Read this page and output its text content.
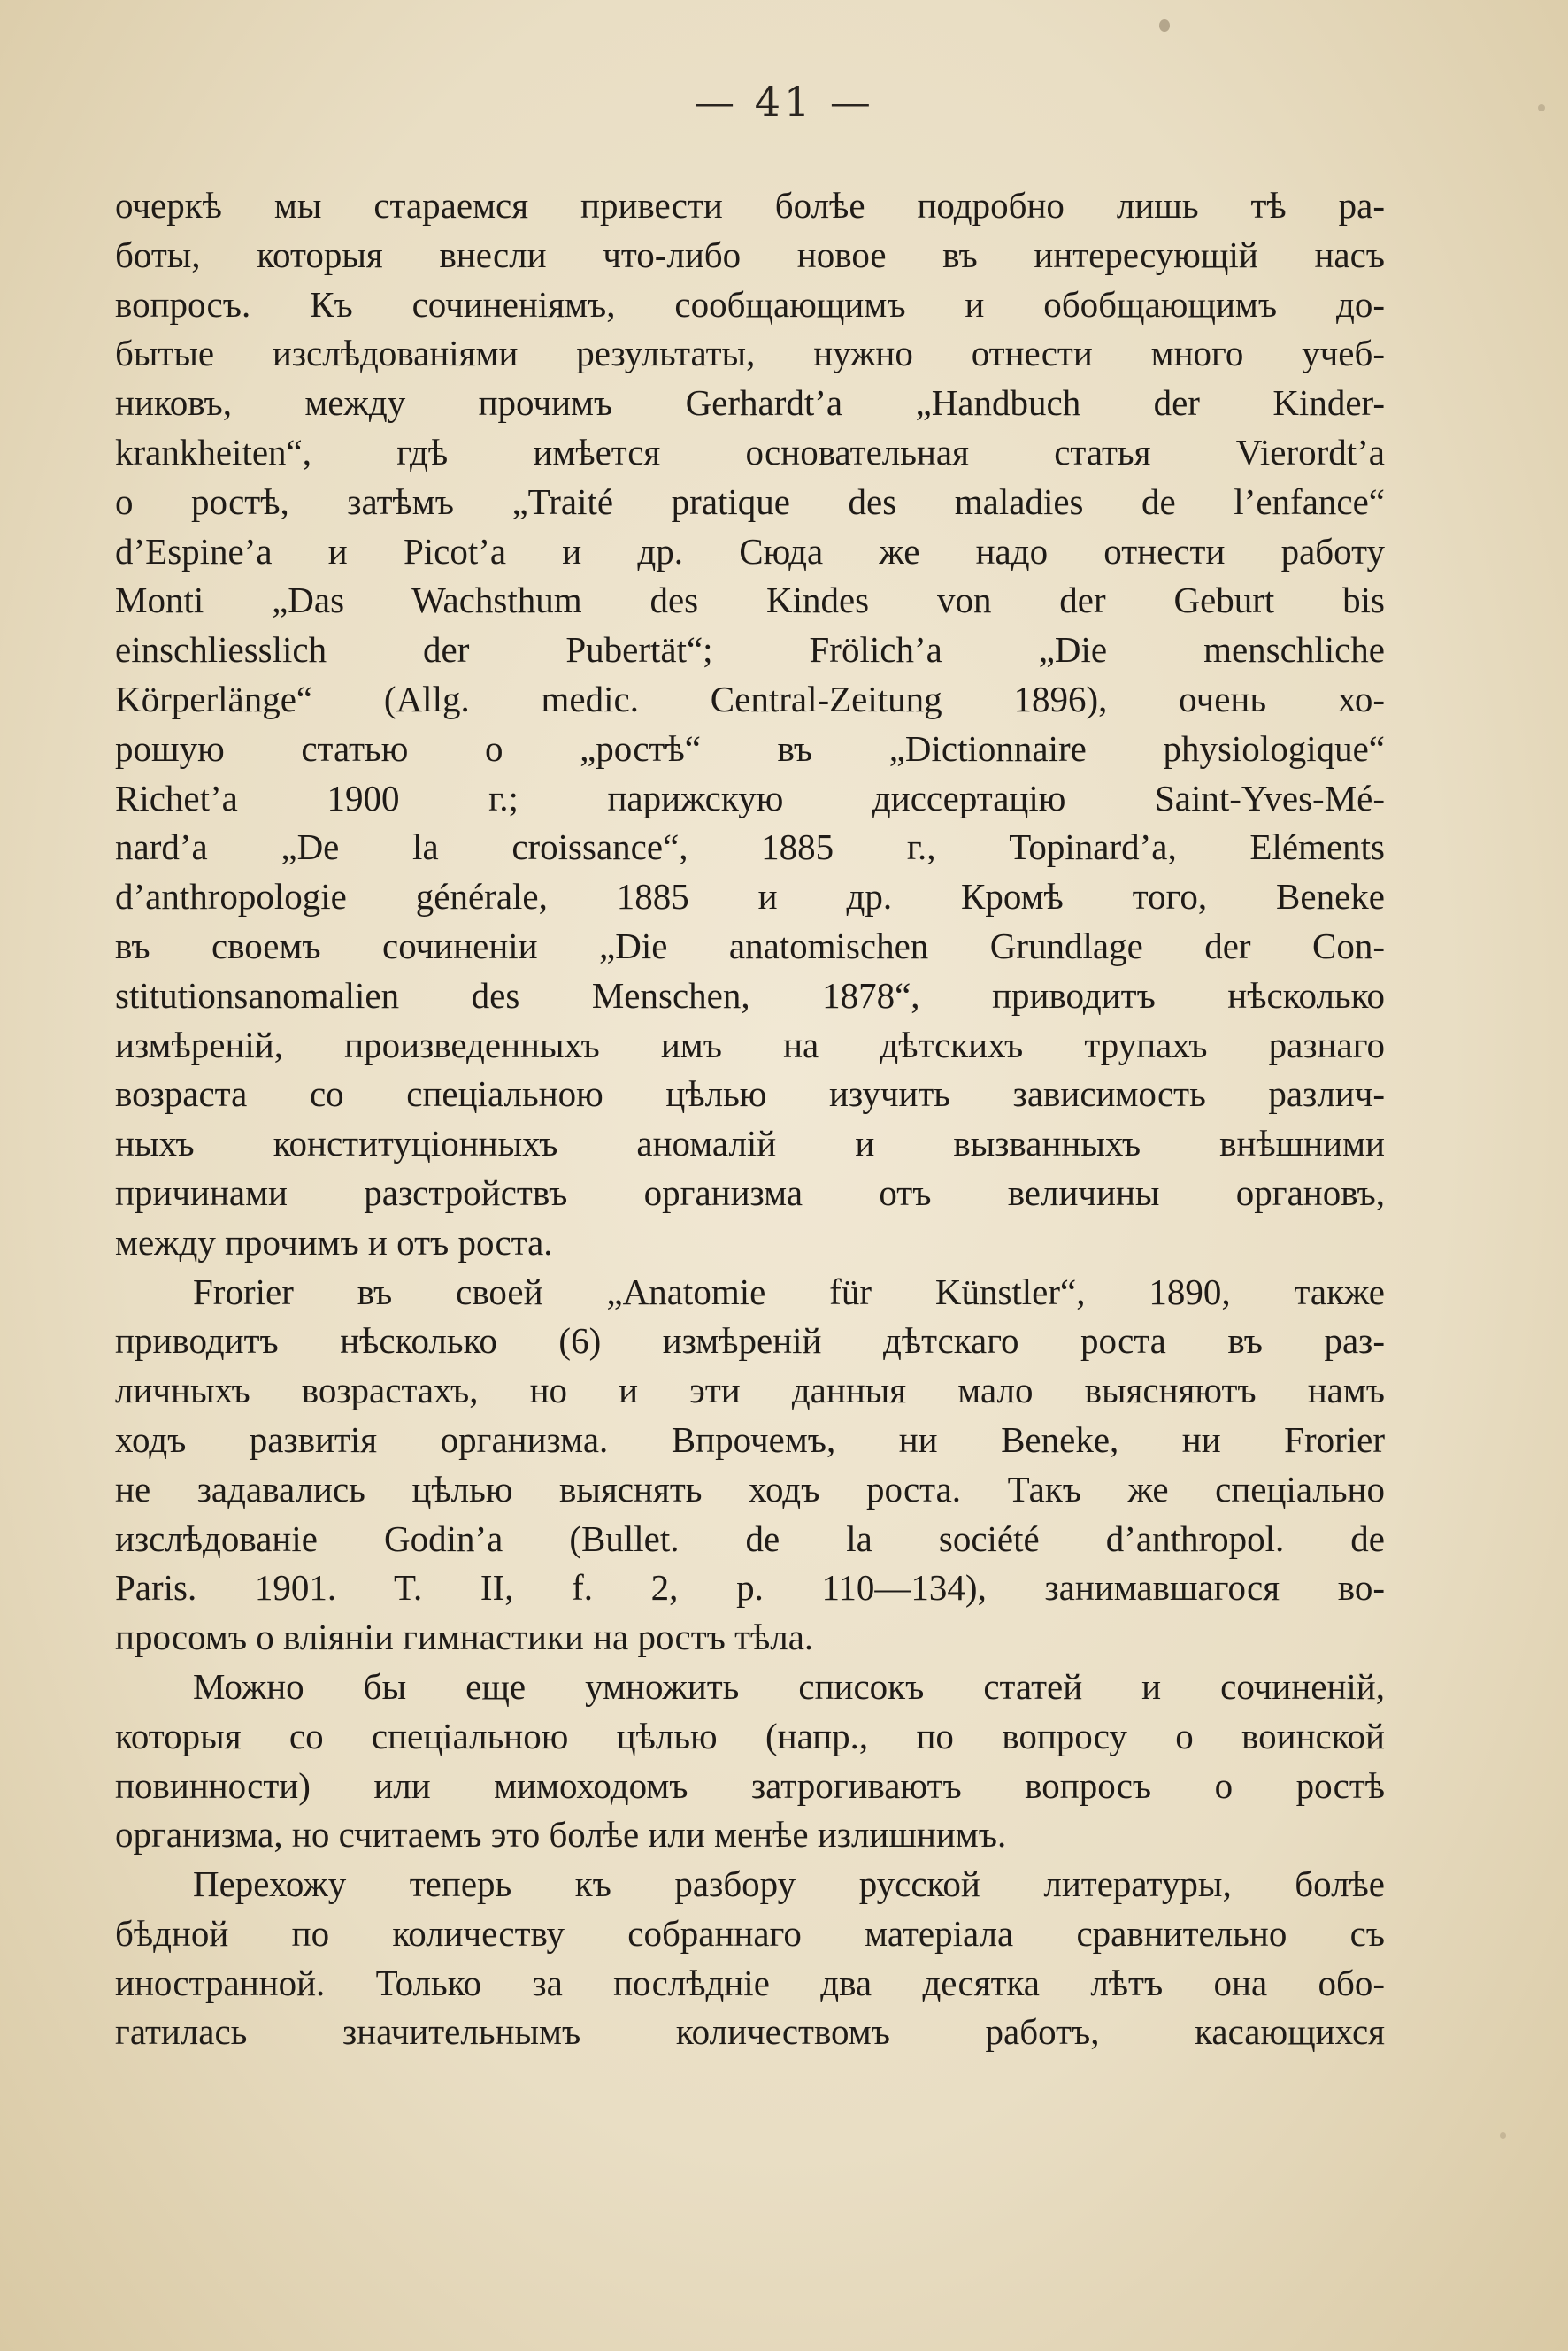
— 41 —
очеркѣ мы стараемся привести болѣе подробно лишь тѣ ра-
боты, которыя внесли что-либо новое въ интересующій насъ
вопросъ. Къ сочиненіямъ, сообщающимъ и обобщающимъ до-
бытые изслѣдованіями результаты, нужно отнести много учеб-
никовъ, между прочимъ Gerhardt’a „Handbuch der Kinder-
krankheiten“, гдѣ имѣется основательная статья Vierordt’a
о ростѣ, затѣмъ „Traité pratique des maladies de l’enfance“
d’Espine’a и Picot’a и др. Сюда же надо отнести работу
Monti „Das Wachsthum des Kindes von der Geburt bis
einschliesslich der Pubertät“; Frölich’a „Die menschliche
Körperlänge“ (Allg. medic. Central-Zeitung 1896), очень хо-
рошую статью о „ростѣ“ въ „Dictionnaire physiologique“
Richet’a 1900 г.; парижскую диссертацію Saint-Yves-Mé-
nard’a „De la croissance“, 1885 г., Topinard’a, Eléments
d’anthropologie générale, 1885 и др. Кромѣ того, Beneke
въ своемъ сочиненіи „Die anatomischen Grundlage der Con-
stitutionsanomalien des Menschen, 1878“, приводитъ нѣсколько
измѣреній, произведенныхъ имъ на дѣтскихъ трупахъ разнаго
возраста со спеціальною цѣлью изучить зависимость различ-
ныхъ конституціонныхъ аномалій и вызванныхъ внѣшними
причинами разстройствъ организма отъ величины органовъ,
между прочимъ и отъ роста.
Frorier въ своей „Anatomie für Künstler“, 1890, также
приводитъ нѣсколько (6) измѣреній дѣтскаго роста въ раз-
личныхъ возрастахъ, но и эти данныя мало выясняютъ намъ
ходъ развитія организма. Впрочемъ, ни Beneke, ни Frorier
не задавались цѣлью выяснять ходъ роста. Такъ же спеціально
изслѣдованіе Godin’a (Bullet. de la société d’anthropol. de
Paris. 1901. T. II, f. 2, p. 110—134), занимавшагося во-
просомъ о вліяніи гимнастики на ростъ тѣла.
Можно бы еще умножить списокъ статей и сочиненій,
которыя со спеціальною цѣлью (напр., по вопросу о воинской
повинности) или мимоходомъ затрогиваютъ вопросъ о ростѣ
организма, но считаемъ это болѣе или менѣе излишнимъ.
Перехожу теперь къ разбору русской литературы, болѣе
бѣдной по количеству собраннаго матеріала сравнительно съ
иностранной. Только за послѣдніе два десятка лѣтъ она обо-
гатилась значительнымъ количествомъ работъ, касающихся
